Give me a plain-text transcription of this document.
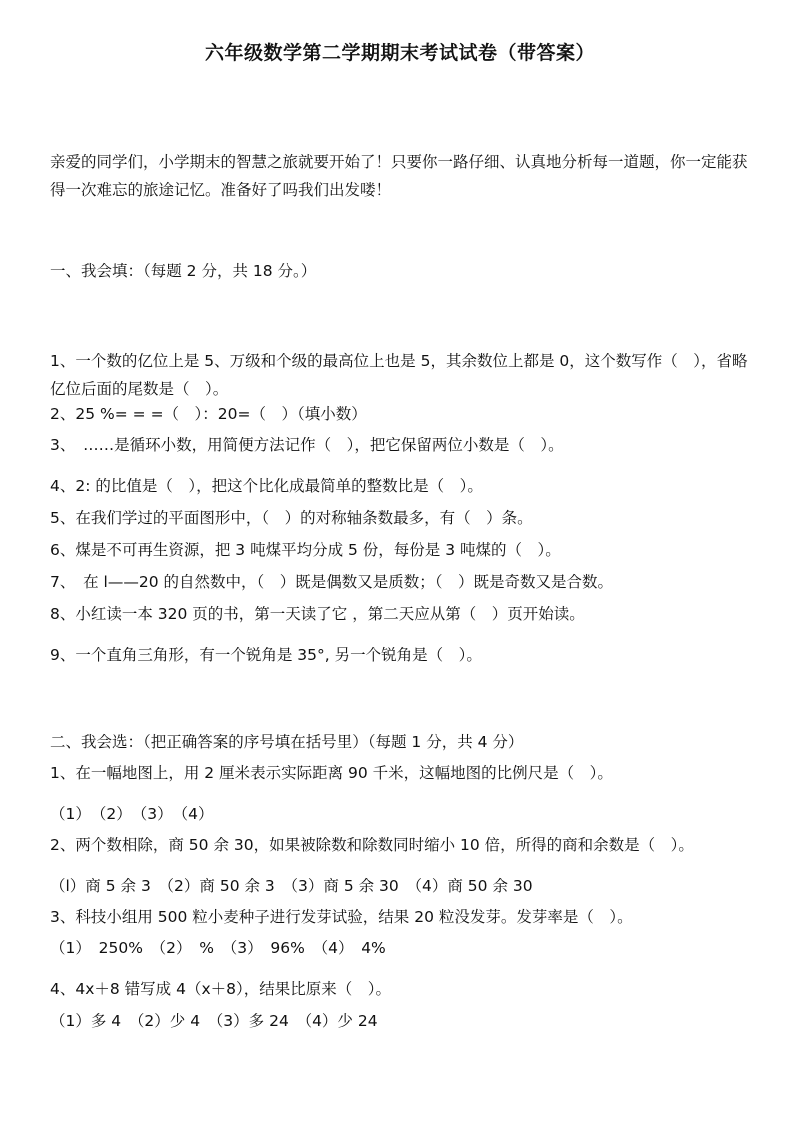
六年级数学第二学期期末考试试卷（带答案）
亲爱的同学们，小学期末的智慧之旅就要开始了！只要你一路仔细、认真地分析每一道题，你一定能获得一次难忘的旅途记忆。准备好了吗我们出发喽！
一、我会填：（每题 2 分，共 18 分。）
1、一个数的亿位上是 5、万级和个级的最高位上也是 5，其余数位上都是 0，这个数写作（　），省略亿位后面的尾数是（　）。
2、25 %= = =（　）：20=（　）（填小数）
3、　……是循环小数，用简便方法记作（　），把它保留两位小数是（　）。
4、2: 的比值是（　），把这个比化成最简单的整数比是（　）。
5、在我们学过的平面图形中，（　）的对称轴条数最多，有（　）条。
6、煤是不可再生资源，把 3 吨煤平均分成 5 份，每份是 3 吨煤的（　）。
7、　在 l——20 的自然数中，（　）既是偶数又是质数；（　）既是奇数又是合数。
8、小红读一本 320 页的书，第一天读了它 ，第二天应从第（　）页开始读。
9、一个直角三角形，有一个锐角是 35°, 另一个锐角是（　）。
二、我会选：（把正确答案的序号填在括号里）（每题 1 分，共 4 分）
1、在一幅地图上，用 2 厘米表示实际距离 90 千米，这幅地图的比例尺是（　）。
（1）　（2）　（3）　（4）
2、两个数相除，商 50 余 30，如果被除数和除数同时缩小 10 倍，所得的商和余数是（　）。
（l）商 5 余 3　（2）商 50 余 3　（3）商 5 余 30　（4）商 50 余 30
3、科技小组用 500 粒小麦种子进行发芽试验，结果 20 粒没发芽。发芽率是（　）。
（1）　250%　（2）　%　（3）　96%　（4）　4%
4、4x＋8 错写成 4（x＋8），结果比原来（　）。
（1）多 4　（2）少 4　（3）多 24　（4）少 24
